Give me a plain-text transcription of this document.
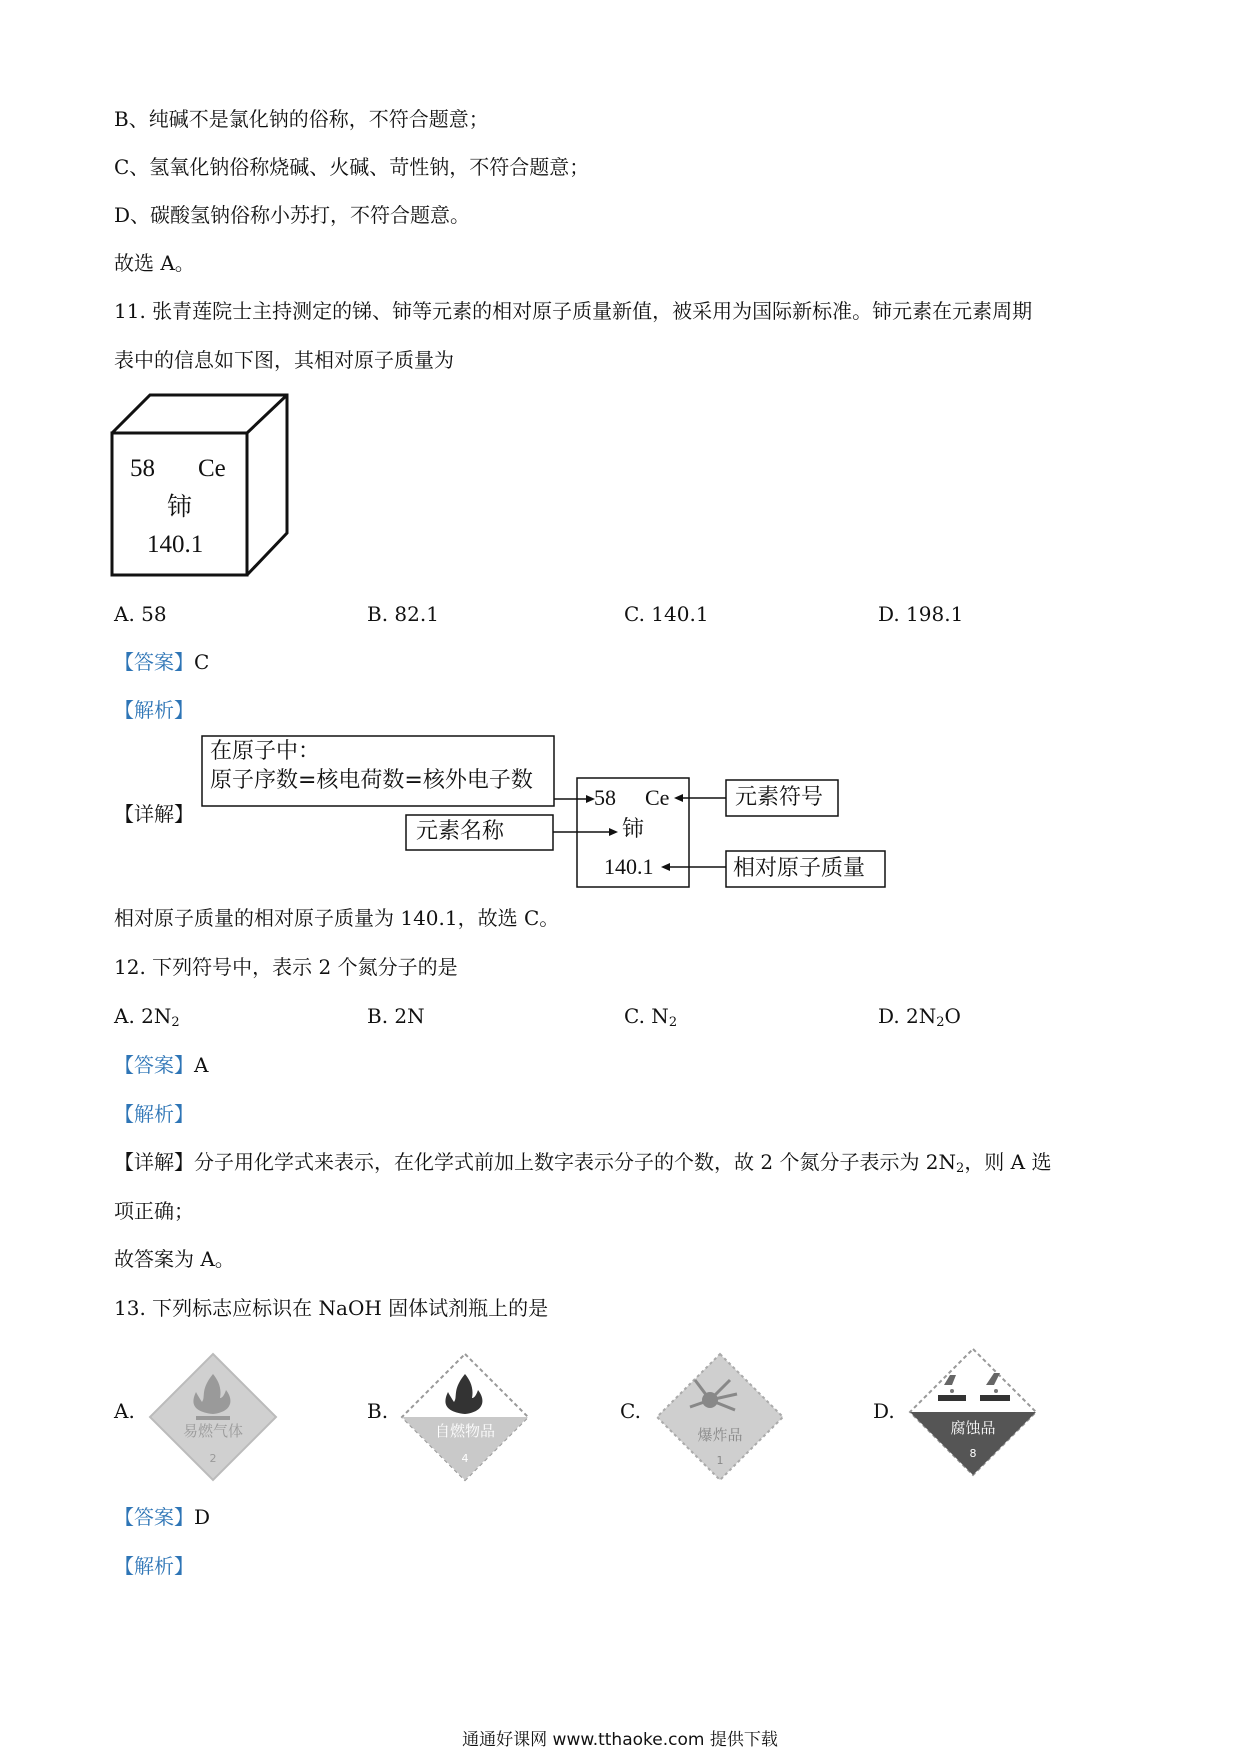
B、纯碱不是氯化钠的俗称，不符合题意；
C、氢氧化钠俗称烧碱、火碱、苛性钠，不符合题意；
D、碳酸氢钠俗称小苏打，不符合题意。
故选 A。
11. 张青莲院士主持测定的锑、铈等元素的相对原子质量新值，被采用为国际新标准。铈元素在元素周期
表中的信息如下图，其相对原子质量为
58 Ce
铈
140.1
A. 58	B. 82.1	C. 140.1	D. 198.1
【答案】C
【解析】
【详解】
在原子中：
原子序数=核电荷数=核外电子数
58 Ce
铈
140.1
元素符号
元素名称
相对原子质量
相对原子质量的相对原子质量为 140.1，故选 C。
12. 下列符号中，表示 2 个氮分子的是
A. $2N_2$	B. 2N	C. $N_2$	D. $2N_2O$
【答案】A
【解析】
【详解】分子用化学式来表示，在化学式前加上数字表示分子的个数，故 2 个氮分子表示为 $2N_2$，则 A 选
项正确；
故答案为 A。
13. 下列标志应标识在 NaOH 固体试剂瓶上的是
A.	B.	C.	D.
易燃气体
2
自燃物品
4
爆炸品
1
腐蚀品
8
【答案】D
【解析】
通通好课网 www.tthaoke.com 提供下载
